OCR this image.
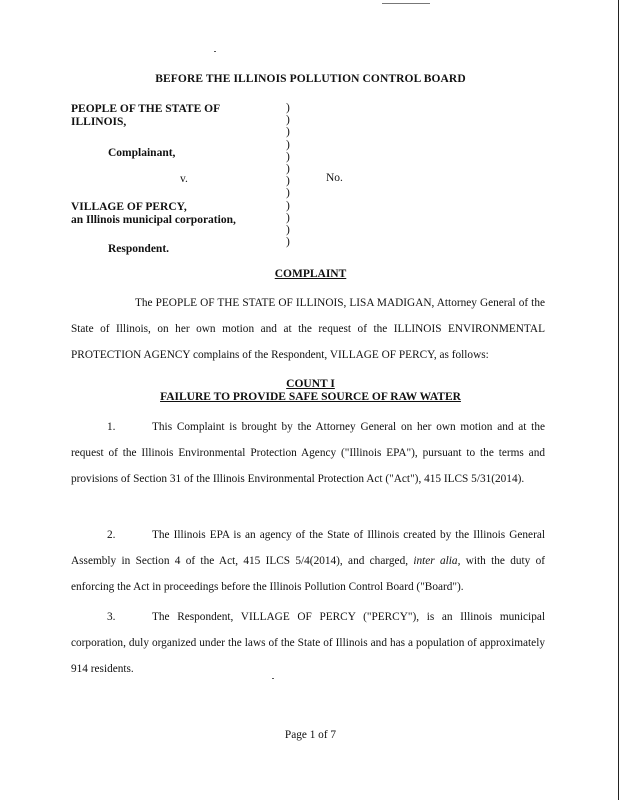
BEFORE THE ILLINOIS POLLUTION CONTROL BOARD
PEOPLE OF THE STATE OF
ILLINOIS,
Complainant,
v.
VILLAGE OF PERCY,
an Illinois municipal corporation,
Respondent.
)
)
)
)
)
)
)
)
)
)
)
)
No.
COMPLAINT
The PEOPLE OF THE STATE OF ILLINOIS, LISA MADIGAN, Attorney General of the State of Illinois, on her own motion and at the request of the ILLINOIS ENVIRONMENTAL PROTECTION AGENCY complains of the Respondent, VILLAGE OF PERCY, as follows:
COUNT I
FAILURE TO PROVIDE SAFE SOURCE OF RAW WATER
1.	This Complaint is brought by the Attorney General on her own motion and at the request of the Illinois Environmental Protection Agency ("Illinois EPA"), pursuant to the terms and provisions of Section 31 of the Illinois Environmental Protection Act ("Act"), 415 ILCS 5/31(2014).
2.	The Illinois EPA is an agency of the State of Illinois created by the Illinois General Assembly in Section 4 of the Act, 415 ILCS 5/4(2014), and charged, inter alia, with the duty of enforcing the Act in proceedings before the Illinois Pollution Control Board ("Board").
3.	The Respondent, VILLAGE OF PERCY ("PERCY"), is an Illinois municipal corporation, duly organized under the laws of the State of Illinois and has a population of approximately 914 residents.
Page 1 of 7
